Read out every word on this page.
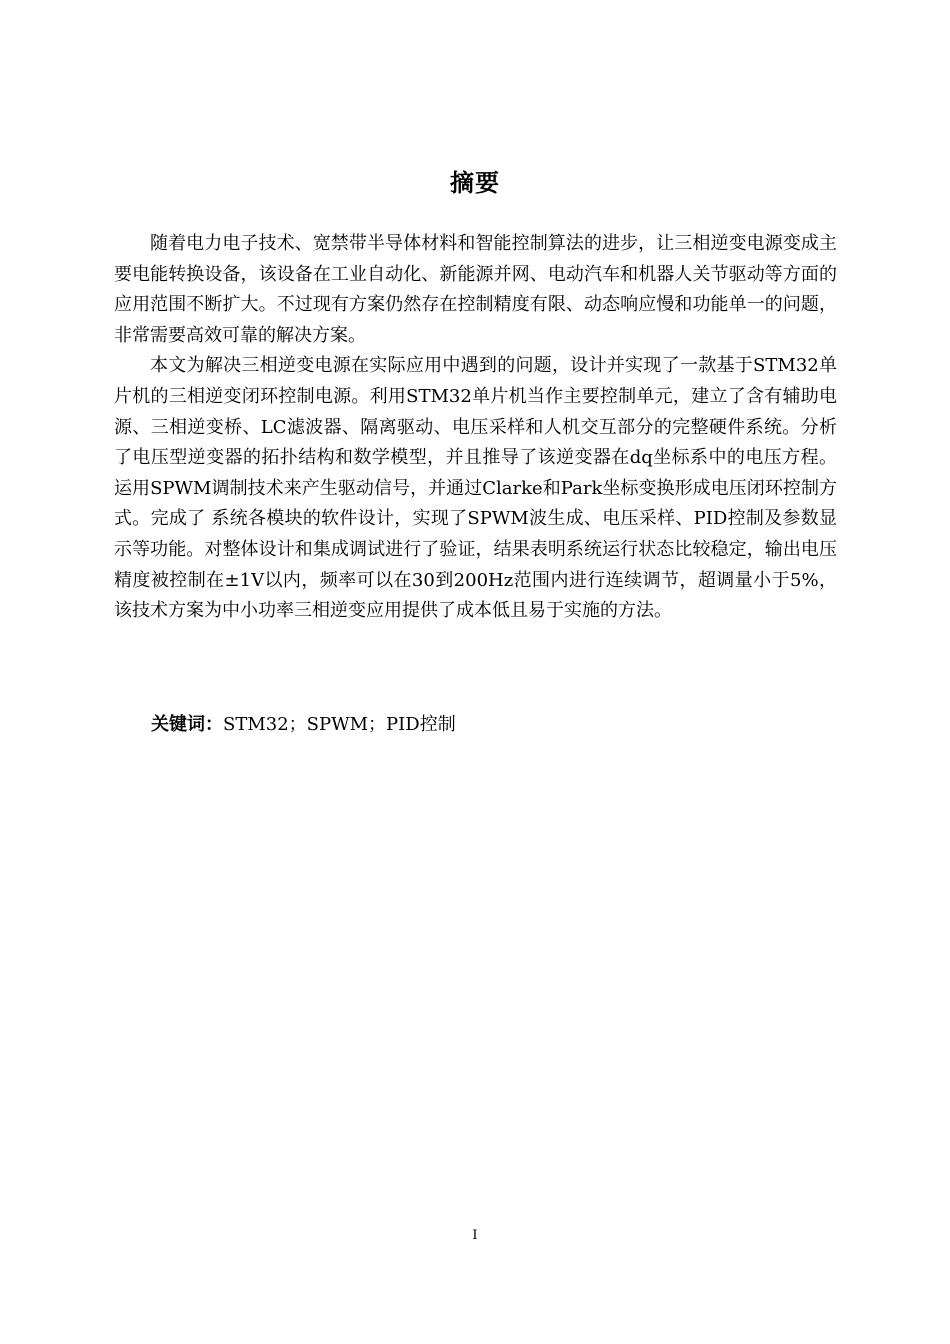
摘要

随着电力电子技术、宽禁带半导体材料和智能控制算法的进步，让三相逆变电源变成主要电能转换设备，该设备在工业自动化、新能源并网、电动汽车和机器人关节驱动等方面的应用范围不断扩大。不过现有方案仍然存在控制精度有限、动态响应慢和功能单一的问题，非常需要高效可靠的解决方案。

本文为解决三相逆变电源在实际应用中遇到的问题，设计并实现了一款基于STM32单片机的三相逆变闭环控制电源。利用STM32单片机当作主要控制单元，建立了含有辅助电源、三相逆变桥、LC滤波器、隔离驱动、电压采样和人机交互部分的完整硬件系统。分析了电压型逆变器的拓扑结构和数学模型，并且推导了该逆变器在dq坐标系中的电压方程。运用SPWM调制技术来产生驱动信号，并通过Clarke和Park坐标变换形成电压闭环控制方式。完成了 系统各模块的软件设计，实现了SPWM波生成、电压采样、PID控制及参数显示等功能。对整体设计和集成调试进行了验证，结果表明系统运行状态比较稳定，输出电压精度被控制在±1V以内，频率可以在30到200Hz范围内进行连续调节，超调量小于5%，该技术方案为中小功率三相逆变应用提供了成本低且易于实施的方法。

关键词：STM32；SPWM；PID控制
I
